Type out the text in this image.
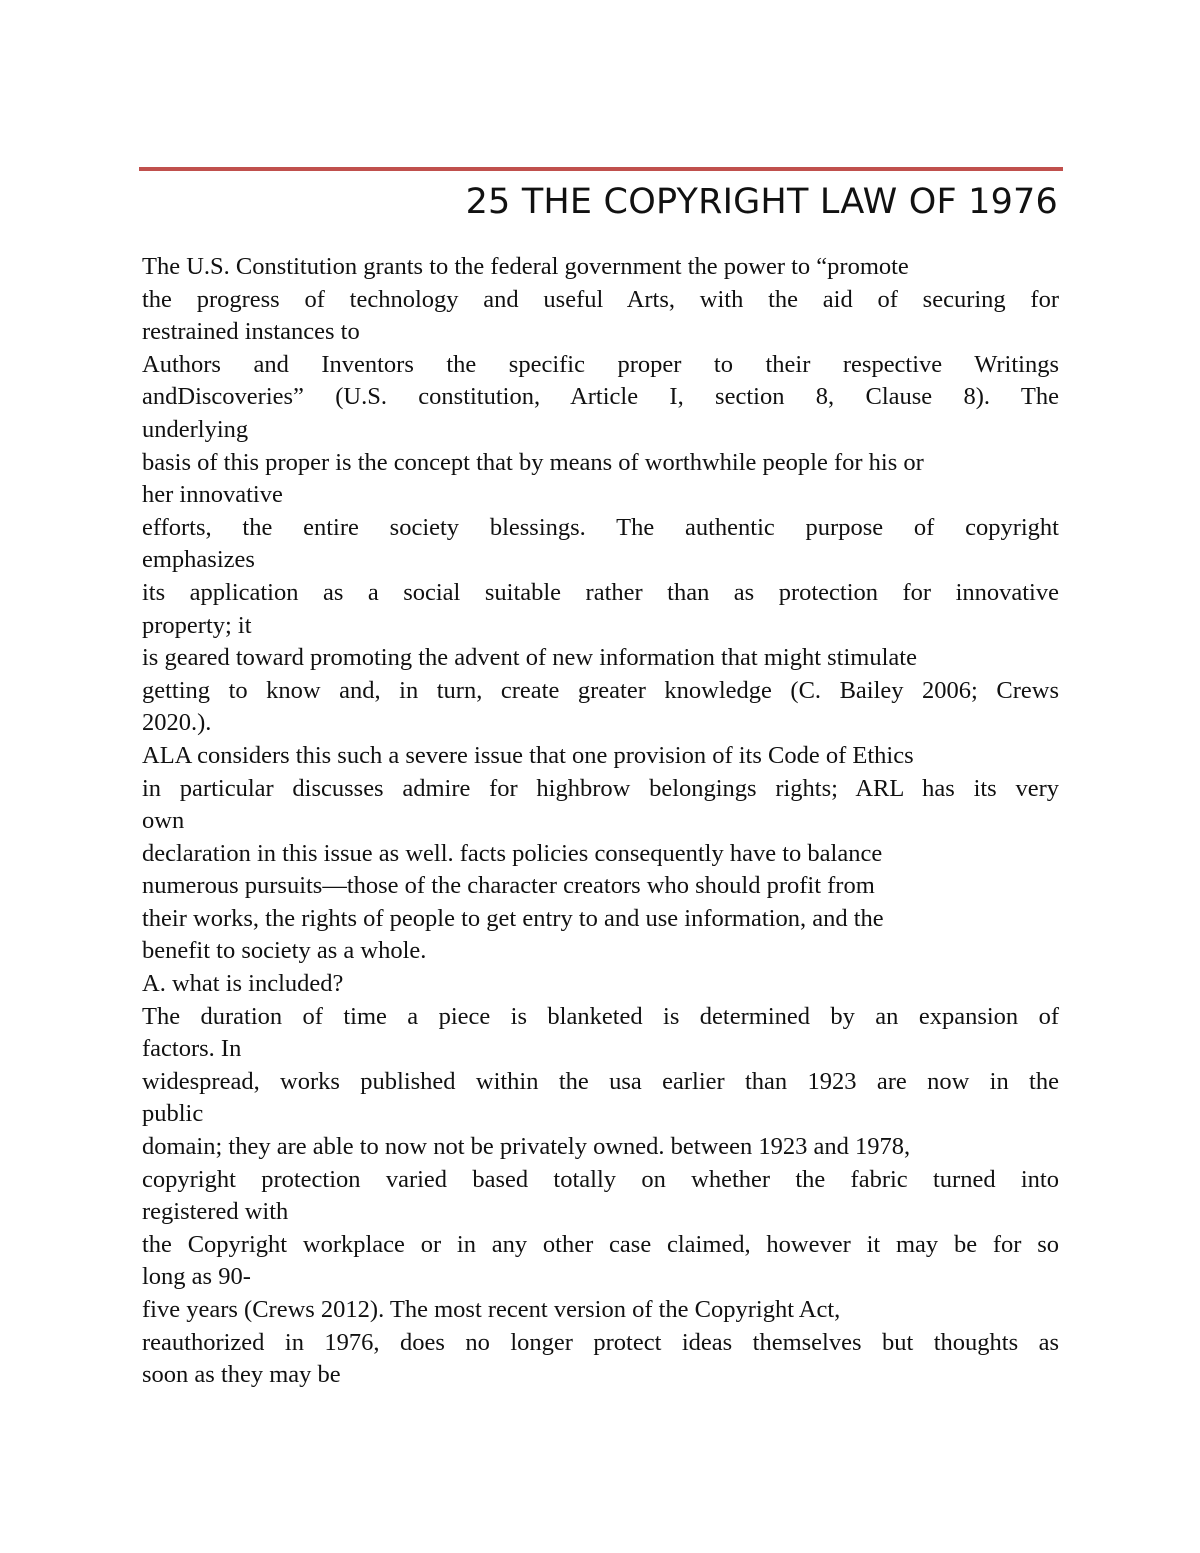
25 THE COPYRIGHT LAW OF 1976
The U.S. Constitution grants to the federal government the power to “promote
the progress of technology and useful Arts, with the aid of securing for
restrained instances to
Authors and Inventors the specific proper to their respective Writings
andDiscoveries” (U.S. constitution, Article I, section 8, Clause 8). The
underlying
basis of this proper is the concept that by means of worthwhile people for his or
her innovative
efforts, the entire society blessings. The authentic purpose of copyright
emphasizes
its application as a social suitable rather than as protection for innovative
property; it
is geared toward promoting the advent of new information that might stimulate
getting to know and, in turn, create greater knowledge (C. Bailey 2006; Crews
2020.).
ALA considers this such a severe issue that one provision of its Code of Ethics
in particular discusses admire for highbrow belongings rights; ARL has its very
own
declaration in this issue as well. facts policies consequently have to balance
numerous pursuits—those of the character creators who should profit from
their works, the rights of people to get entry to and use information, and the
benefit to society as a whole.
A. what is included?
The duration of time a piece is blanketed is determined by an expansion of
factors. In
widespread, works published within the usa earlier than 1923 are now in the
public
domain; they are able to now not be privately owned. between 1923 and 1978,
copyright protection varied based totally on whether the fabric turned into
registered with
the Copyright workplace or in any other case claimed, however it may be for so
long as 90-
five years (Crews 2012). The most recent version of the Copyright Act,
reauthorized in 1976, does no longer protect ideas themselves but thoughts as
soon as they may be
